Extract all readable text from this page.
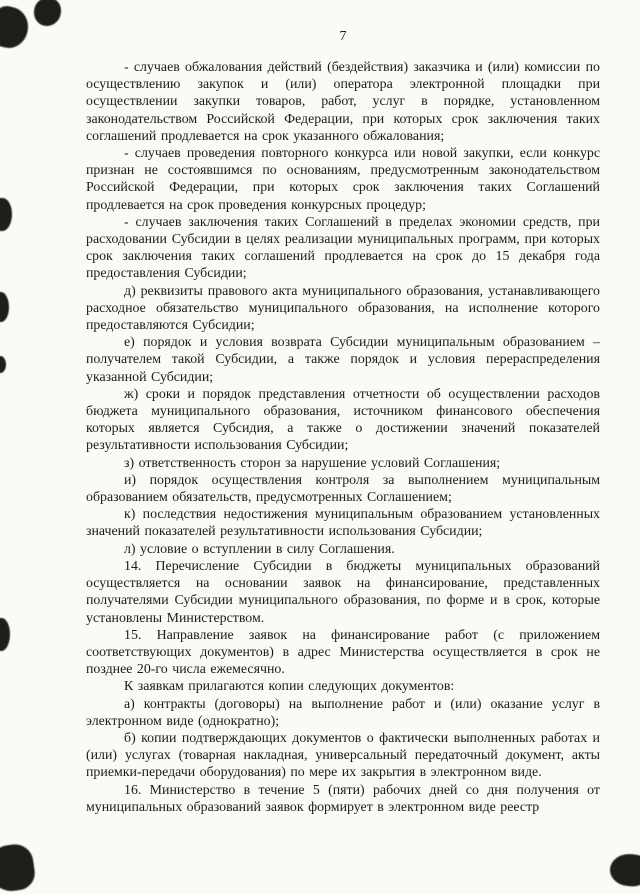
7

- случаев обжалования действий (бездействия) заказчика и (или) комиссии по осуществлению закупок и (или) оператора электронной площадки при осуществлении закупки товаров, работ, услуг в порядке, установленном законодательством Российской Федерации, при которых срок заключения таких соглашений продлевается на срок указанного обжалования;

- случаев проведения повторного конкурса или новой закупки, если конкурс признан не состоявшимся по основаниям, предусмотренным законодательством Российской Федерации, при которых срок заключения таких Соглашений продлевается на срок проведения конкурсных процедур;

- случаев заключения таких Соглашений в пределах экономии средств, при расходовании Субсидии в целях реализации муниципальных программ, при которых срок заключения таких соглашений продлевается на срок до 15 декабря года предоставления Субсидии;

д) реквизиты правового акта муниципального образования, устанавливающего расходное обязательство муниципального образования, на исполнение которого предоставляются Субсидии;

е) порядок и условия возврата Субсидии муниципальным образованием – получателем такой Субсидии, а также порядок и условия перераспределения указанной Субсидии;

ж) сроки и порядок представления отчетности об осуществлении расходов бюджета муниципального образования, источником финансового обеспечения которых является Субсидия, а также о достижении значений показателей результативности использования Субсидии;

з) ответственность сторон за нарушение условий Соглашения;

и) порядок осуществления контроля за выполнением муниципальным образованием обязательств, предусмотренных Соглашением;

к) последствия недостижения муниципальным образованием установленных значений показателей результативности использования Субсидии;

л) условие о вступлении в силу Соглашения.

14. Перечисление Субсидии в бюджеты муниципальных образований осуществляется на основании заявок на финансирование, представленных получателями Субсидии муниципального образования, по форме и в срок, которые установлены Министерством.

15. Направление заявок на финансирование работ (с приложением соответствующих документов) в адрес Министерства осуществляется в срок не позднее 20-го числа ежемесячно.

К заявкам прилагаются копии следующих документов:

а) контракты (договоры) на выполнение работ и (или) оказание услуг в электронном виде (однократно);

б) копии подтверждающих документов о фактически выполненных работах и (или) услугах (товарная накладная, универсальный передаточный документ, акты приемки-передачи оборудования) по мере их закрытия в электронном виде.

16. Министерство в течение 5 (пяти) рабочих дней со дня получения от муниципальных образований заявок формирует в электронном виде реестр
